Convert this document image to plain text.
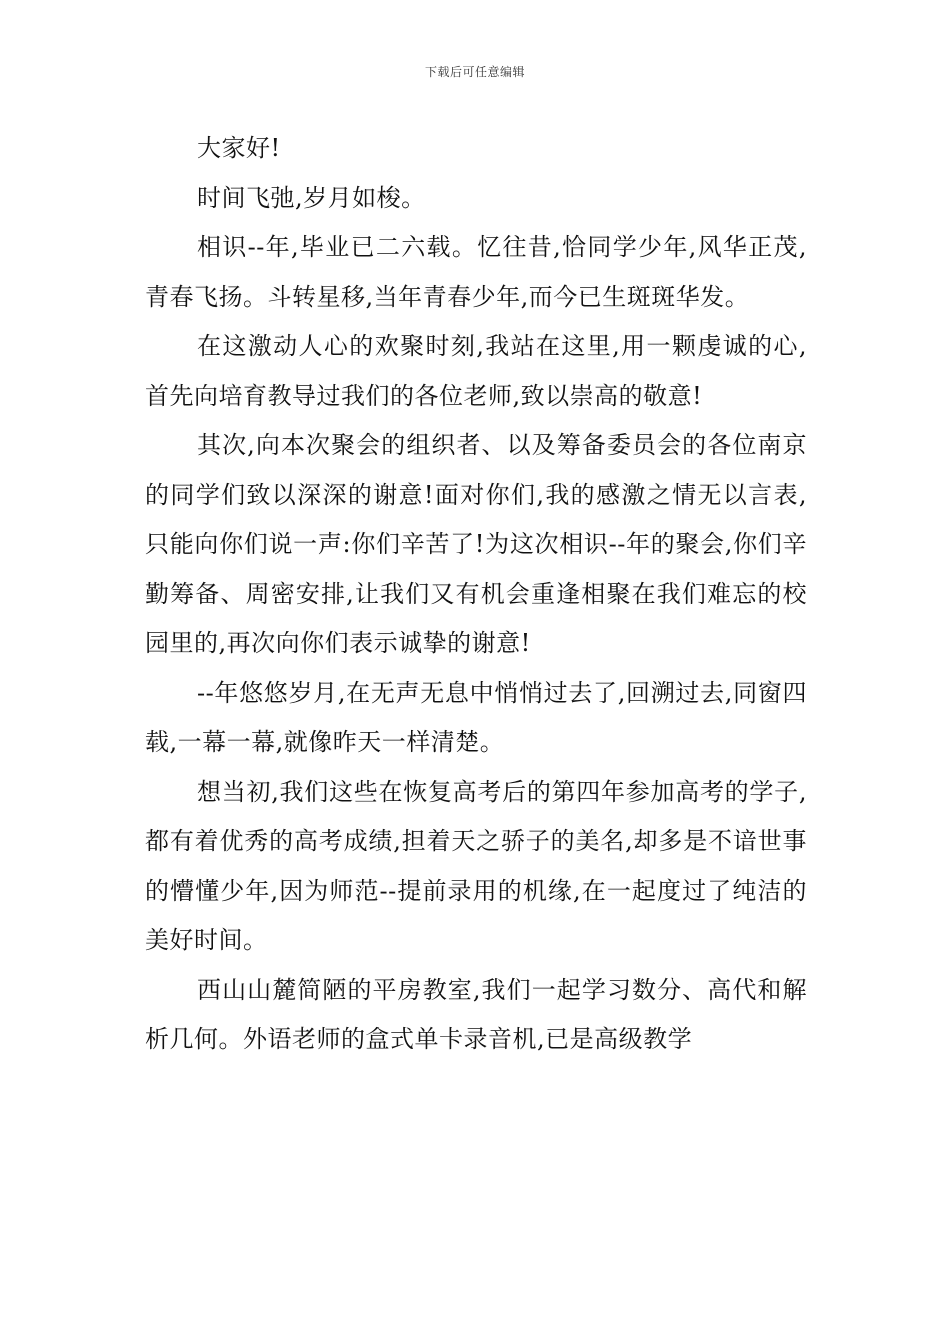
下载后可任意编辑

大家好!

时间飞弛,岁月如梭。

相识--年,毕业已二六载。忆往昔,恰同学少年,风华正茂,青春飞扬。斗转星移,当年青春少年,而今已生斑斑华发。

在这激动人心的欢聚时刻,我站在这里,用一颗虔诚的心,首先向培育教导过我们的各位老师,致以崇高的敬意!

其次,向本次聚会的组织者、以及筹备委员会的各位南京的同学们致以深深的谢意!面对你们,我的感激之情无以言表,只能向你们说一声:你们辛苦了!为这次相识--年的聚会,你们辛勤筹备、周密安排,让我们又有机会重逢相聚在我们难忘的校园里的,再次向你们表示诚挚的谢意!

--年悠悠岁月,在无声无息中悄悄过去了,回溯过去,同窗四载,一幕一幕,就像昨天一样清楚。

想当初,我们这些在恢复高考后的第四年参加高考的学子,都有着优秀的高考成绩,担着天之骄子的美名,却多是不谙世事的懵懂少年,因为师范--提前录用的机缘,在一起度过了纯洁的美好时间。

西山山麓简陋的平房教室,我们一起学习数分、高代和解析几何。外语老师的盒式单卡录音机,已是高级教学
